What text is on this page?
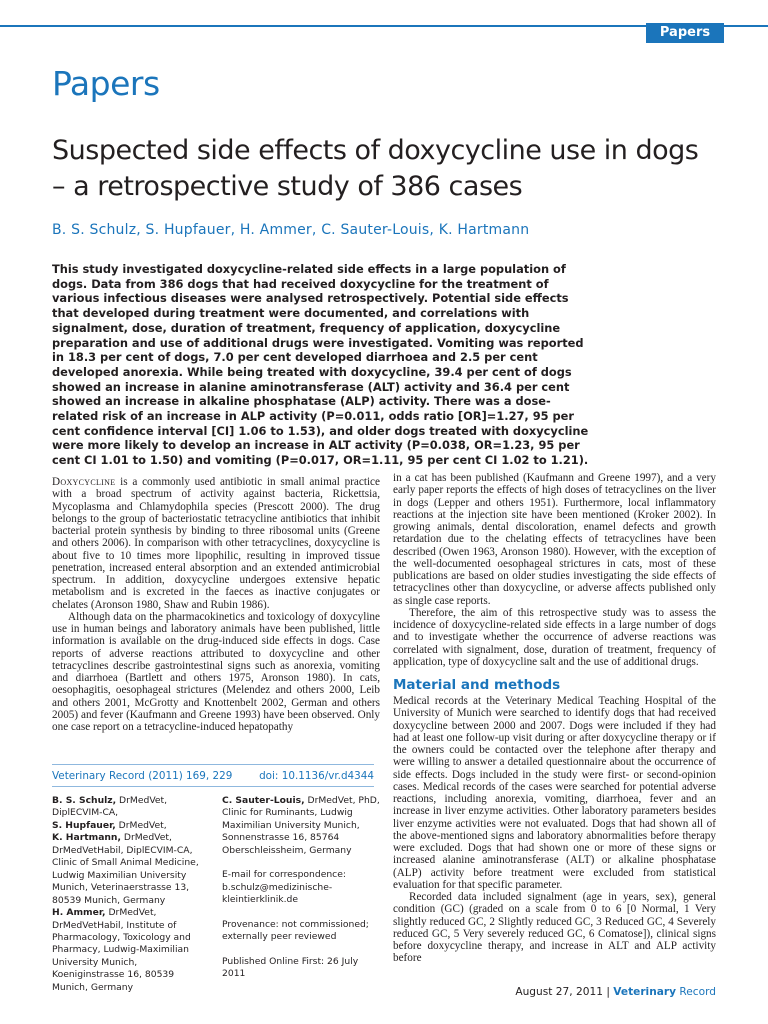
Papers
Papers
Suspected side effects of doxycycline use in dogs – a retrospective study of 386 cases

B. S. Schulz, S. Hupfauer, H. Ammer, C. Sauter-Louis, K. Hartmann

This study investigated doxycycline-related side effects in a large population of dogs. Data from 386 dogs that had received doxycycline for the treatment of various infectious diseases were analysed retrospectively. Potential side effects that developed during treatment were documented, and correlations with signalment, dose, duration of treatment, frequency of application, doxycycline preparation and use of additional drugs were investigated. Vomiting was reported in 18.3 per cent of dogs, 7.0 per cent developed diarrhoea and 2.5 per cent developed anorexia. While being treated with doxycycline, 39.4 per cent of dogs showed an increase in alanine aminotransferase (ALT) activity and 36.4 per cent showed an increase in alkaline phosphatase (ALP) activity. There was a dose-related risk of an increase in ALP activity (P=0.011, odds ratio [OR]=1.27, 95 per cent confidence interval [CI] 1.06 to 1.53), and older dogs treated with doxycycline were more likely to develop an increase in ALT activity (P=0.038, OR=1.23, 95 per cent CI 1.01 to 1.50) and vomiting (P=0.017, OR=1.11, 95 per cent CI 1.02 to 1.21).

Doxycycline is a commonly used antibiotic in small animal practice with a broad spectrum of activity against bacteria, Rickettsia, Mycoplasma and Chlamydophila species (Prescott 2000). The drug belongs to the group of bacteriostatic tetracycline antibiotics that inhibit bacterial protein synthesis by binding to three ribosomal units (Greene and others 2006). In comparison with other tetracyclines, doxycycline is about five to 10 times more lipophilic, resulting in improved tissue penetration, increased enteral absorption and an extended antimicrobial spectrum. In addition, doxycycline undergoes extensive hepatic metabolism and is excreted in the faeces as inactive conjugates or chelates (Aronson 1980, Shaw and Rubin 1986).

Although data on the pharmacokinetics and toxicology of doxycyline use in human beings and laboratory animals have been published, little information is available on the drug-induced side effects in dogs. Case reports of adverse reactions attributed to doxycycline and other tetracyclines describe gastrointestinal signs such as anorexia, vomiting and diarrhoea (Bartlett and others 1975, Aronson 1980). In cats, oesophagitis, oesophageal strictures (Melendez and others 2000, Leib and others 2001, McGrotty and Knottenbelt 2002, German and others 2005) and fever (Kaufmann and Greene 1993) have been observed. Only one case report on a tetracycline-induced hepatopathy

in a cat has been published (Kaufmann and Greene 1997), and a very early paper reports the effects of high doses of tetracyclines on the liver in dogs (Lepper and others 1951). Furthermore, local inflammatory reactions at the injection site have been mentioned (Kroker 2002). In growing animals, dental discoloration, enamel defects and growth retardation due to the chelating effects of tetracyclines have been described (Owen 1963, Aronson 1980). However, with the exception of the well-documented oesophageal strictures in cats, most of these publications are based on older studies investigating the side effects of tetracyclines other than doxycycline, or adverse affects published only as single case reports.

Therefore, the aim of this retrospective study was to assess the incidence of doxycycline-related side effects in a large number of dogs and to investigate whether the occurrence of adverse reactions was correlated with signalment, dose, duration of treatment, frequency of application, type of doxycycline salt and the use of additional drugs.

Material and methods

Medical records at the Veterinary Medical Teaching Hospital of the University of Munich were searched to identify dogs that had received doxycycline between 2000 and 2007. Dogs were included if they had had at least one follow-up visit during or after doxycycline therapy or if the owners could be contacted over the telephone after therapy and were willing to answer a detailed questionnaire about the occurrence of side effects. Dogs included in the study were first- or second-opinion cases. Medical records of the cases were searched for potential adverse reactions, including anorexia, vomiting, diarrhoea, fever and an increase in liver enzyme activities. Other laboratory parameters besides liver enzyme activities were not evaluated. Dogs that had shown all of the above-mentioned signs and laboratory abnormalities before therapy were excluded. Dogs that had shown one or more of these signs or increased alanine aminotransferase (ALT) or alkaline phosphatase (ALP) activity before treatment were excluded from statistical evaluation for that specific parameter.

Recorded data included signalment (age in years, sex), general condition (GC) (graded on a scale from 0 to 6 [0 Normal, 1 Very slightly reduced GC, 2 Slightly reduced GC, 3 Reduced GC, 4 Severely reduced GC, 5 Very severely reduced GC, 6 Comatose]), clinical signs before doxycycline therapy, and increase in ALT and ALP activity before

Veterinary Record (2011) 169, 229	doi: 10.1136/vr.d4344

B. S. Schulz, DrMedVet, DiplECVIM-CA,

S. Hupfauer, DrMedVet,

K. Hartmann, DrMedVet, DrMedVetHabil, DiplECVIM-CA, Clinic of Small Animal Medicine, Ludwig Maximilian University Munich, Veterinaerstrasse 13, 80539 Munich, Germany

H. Ammer, DrMedVet, DrMedVetHabil, Institute of Pharmacology, Toxicology and Pharmacy, Ludwig-Maximilian University Munich, Koeniginstrasse 16, 80539 Munich, Germany

C. Sauter-Louis, DrMedVet, PhD, Clinic for Ruminants, Ludwig Maximilian University Munich, Sonnenstrasse 16, 85764 Oberschleissheim, Germany

E-mail for correspondence:

b.schulz@medizinische-kleintierklinik.de

Provenance: not commissioned; externally peer reviewed

Published Online First: 26 July 2011

August 27, 2011 | Veterinary Record
